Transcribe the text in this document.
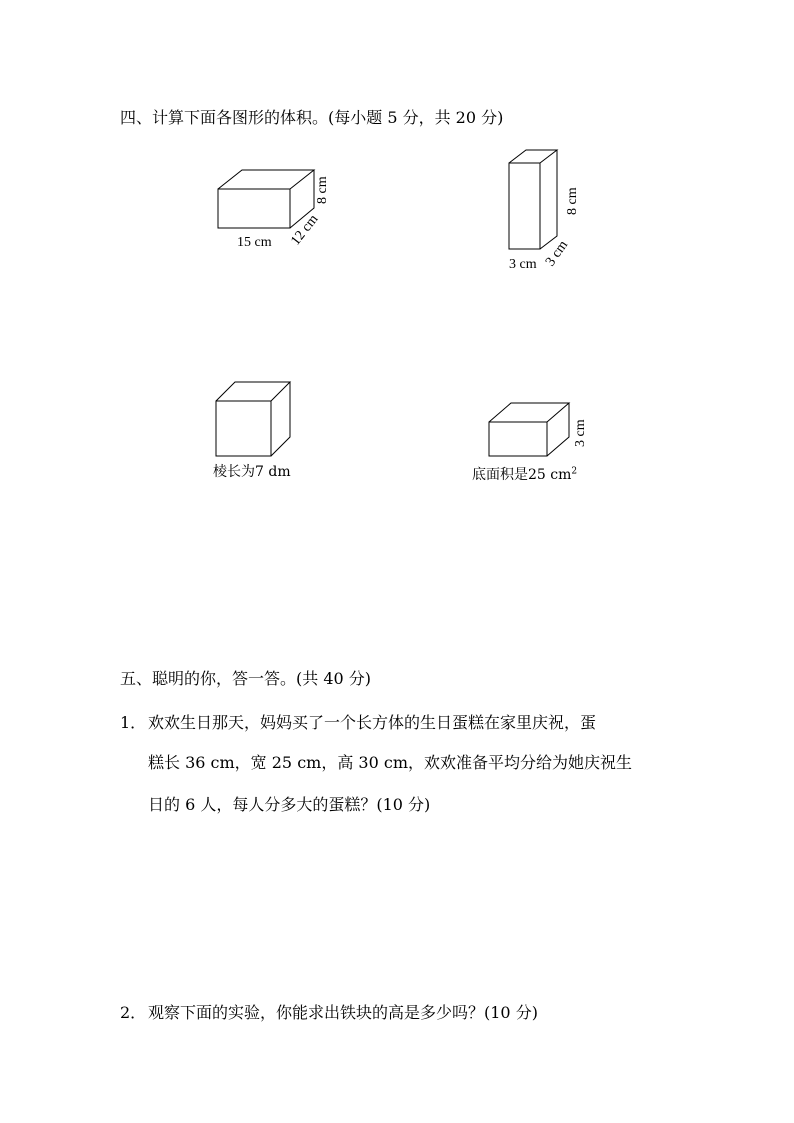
四、计算下面各图形的体积。(每小题 5 分，共 20 分)
15 cm 12 cm
8 cm
3 cm 3 cm
8 cm
棱长为7 dm
3 cm
底面积是25 $cm^2$
五、聪明的你，答一答。(共 40 分)
1． 欢欢生日那天，妈妈买了一个长方体的生日蛋糕在家里庆祝，蛋
糕长 36 cm，宽 25 cm，高 30 cm，欢欢准备平均分给为她庆祝生
日的 6 人，每人分多大的蛋糕？(10 分)
2． 观察下面的实验，你能求出铁块的高是多少吗？(10 分)
